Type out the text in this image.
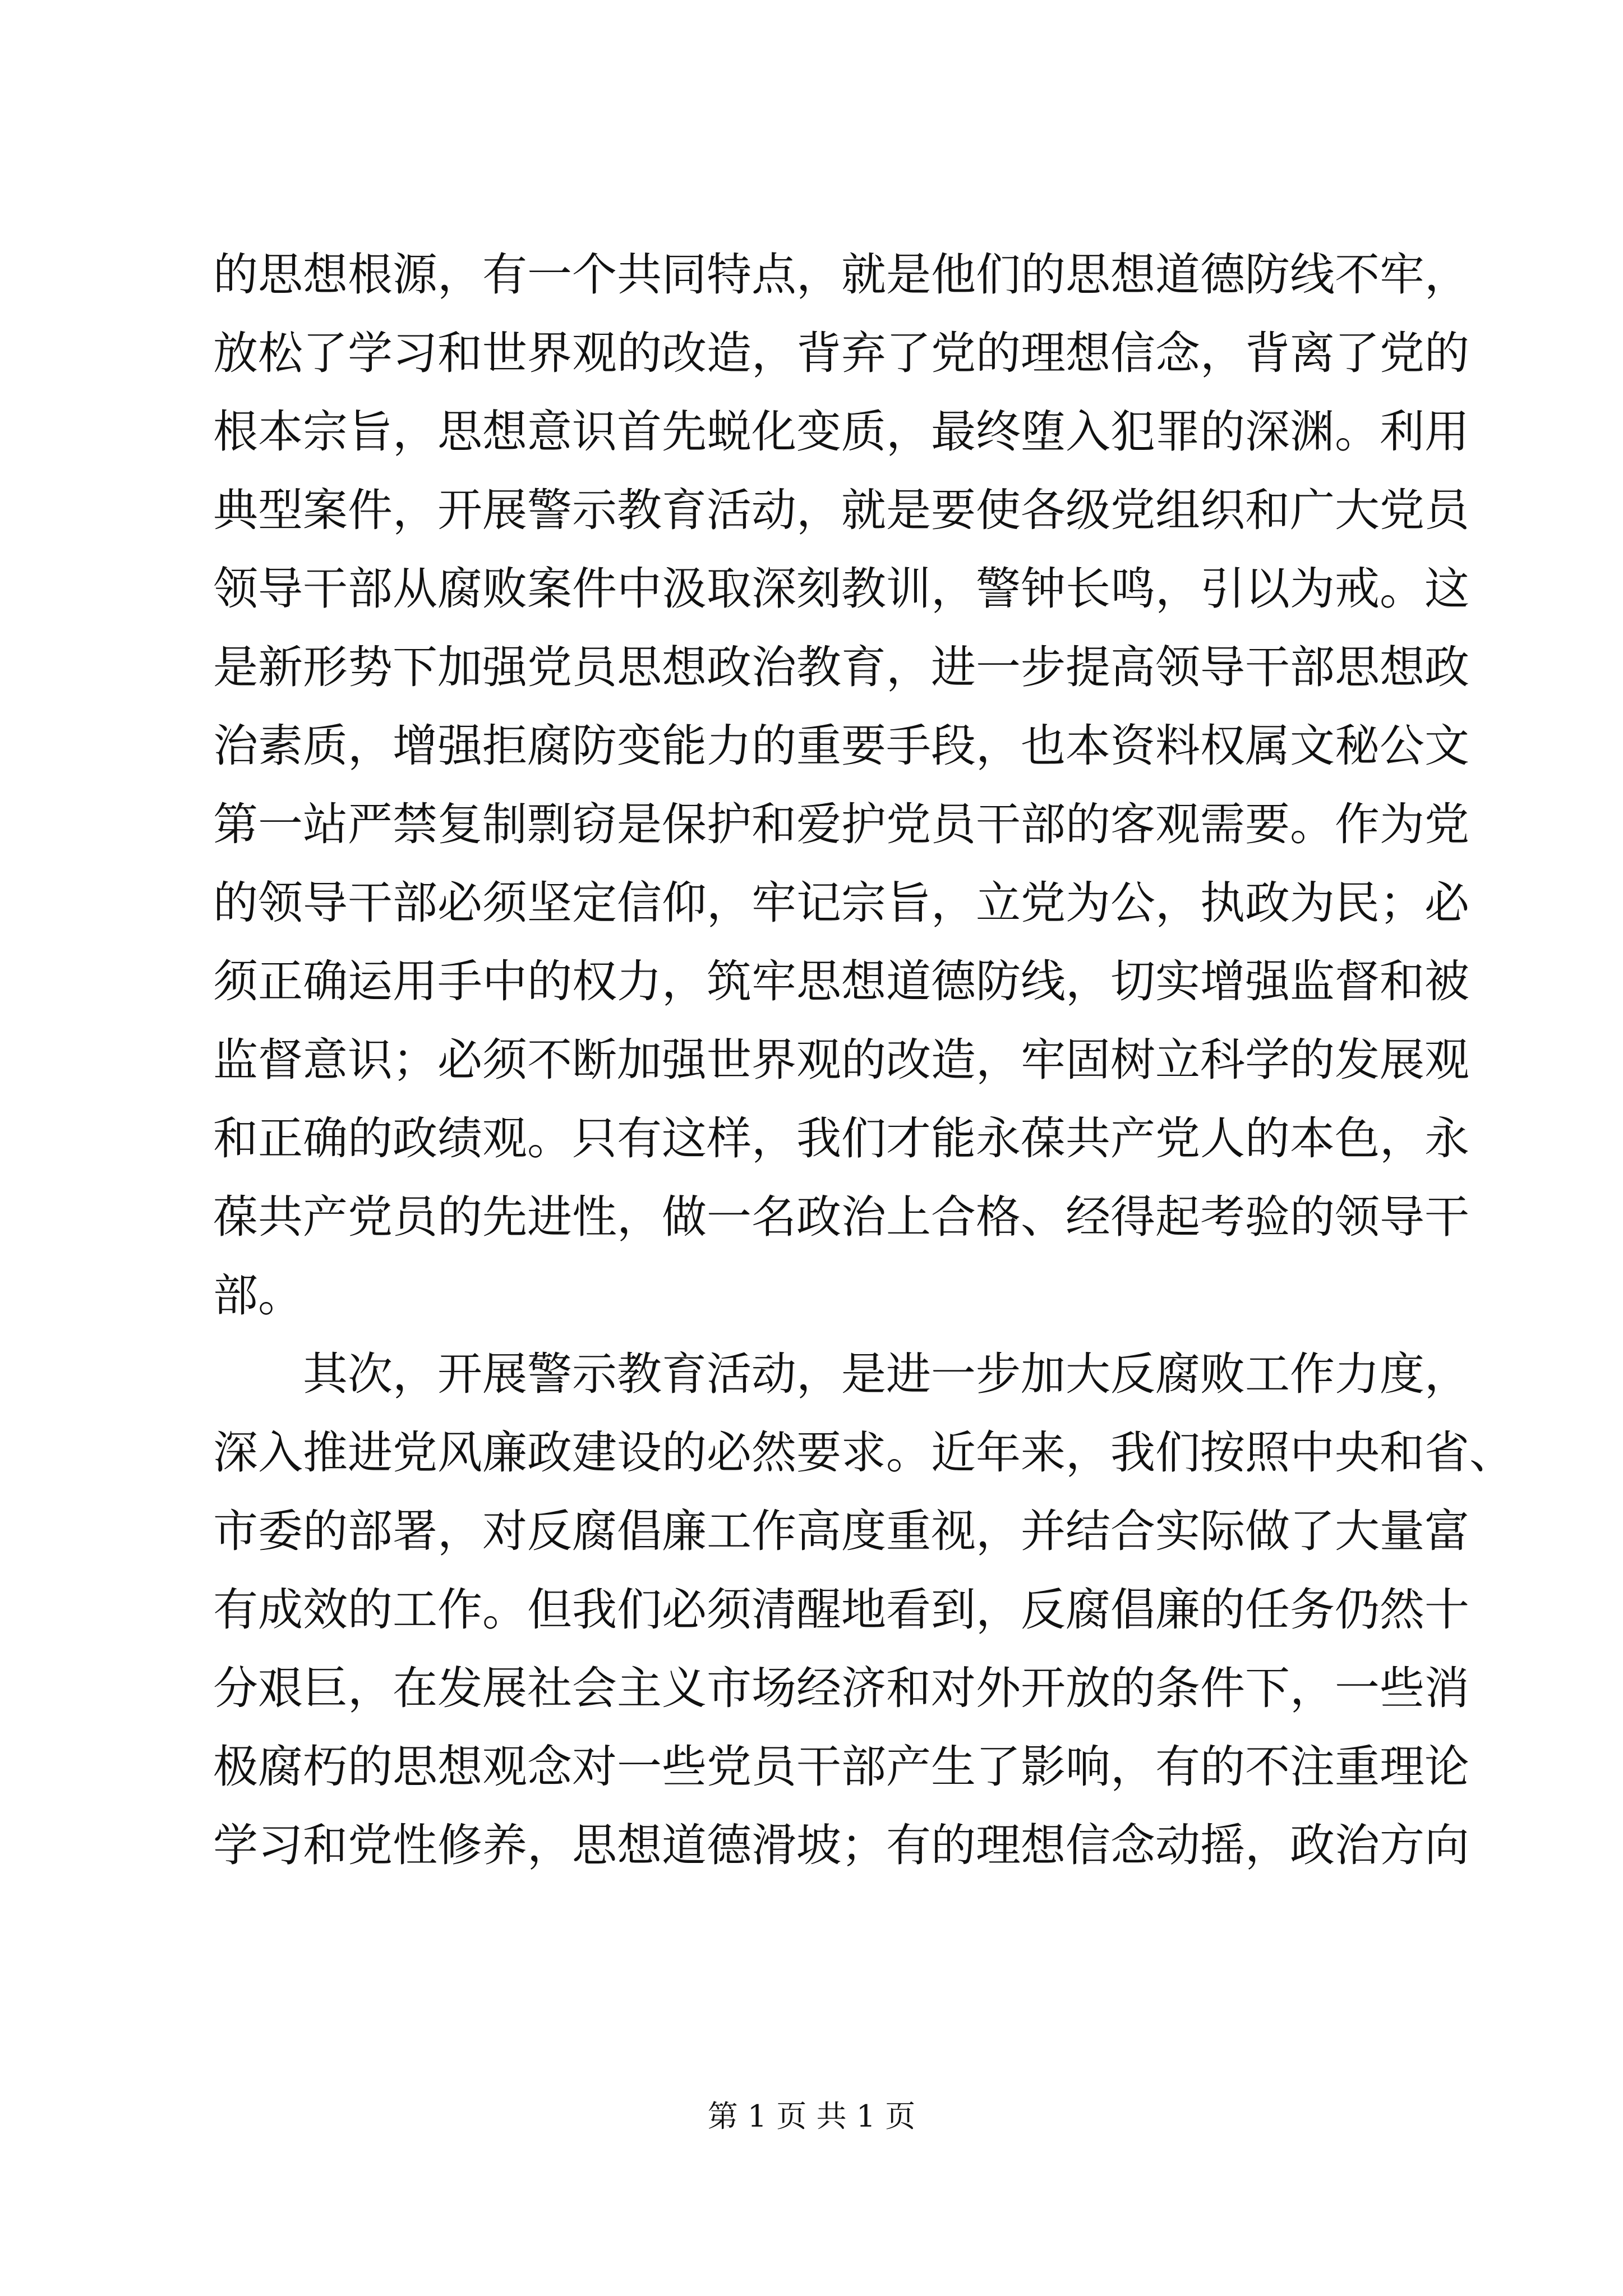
的思想根源，有一个共同特点，就是他们的思想道德防线不牢，
放松了学习和世界观的改造，背弃了党的理想信念，背离了党的
根本宗旨，思想意识首先蜕化变质，最终堕入犯罪的深渊。利用
典型案件，开展警示教育活动，就是要使各级党组织和广大党员
领导干部从腐败案件中汲取深刻教训，警钟长鸣，引以为戒。这
是新形势下加强党员思想政治教育，进一步提高领导干部思想政
治素质，增强拒腐防变能力的重要手段，也本资料权属文秘公文
第一站严禁复制剽窃是保护和爱护党员干部的客观需要。作为党
的领导干部必须坚定信仰，牢记宗旨，立党为公，执政为民；必
须正确运用手中的权力，筑牢思想道德防线，切实增强监督和被
监督意识；必须不断加强世界观的改造，牢固树立科学的发展观
和正确的政绩观。只有这样，我们才能永葆共产党人的本色，永
葆共产党员的先进性，做一名政治上合格、经得起考验的领导干
部。
　　其次，开展警示教育活动，是进一步加大反腐败工作力度，
深入推进党风廉政建设的必然要求。近年来，我们按照中央和省、
市委的部署，对反腐倡廉工作高度重视，并结合实际做了大量富
有成效的工作。但我们必须清醒地看到，反腐倡廉的任务仍然十
分艰巨，在发展社会主义市场经济和对外开放的条件下，一些消
极腐朽的思想观念对一些党员干部产生了影响，有的不注重理论
学习和党性修养，思想道德滑坡；有的理想信念动摇，政治方向
第 1 页 共 1 页
